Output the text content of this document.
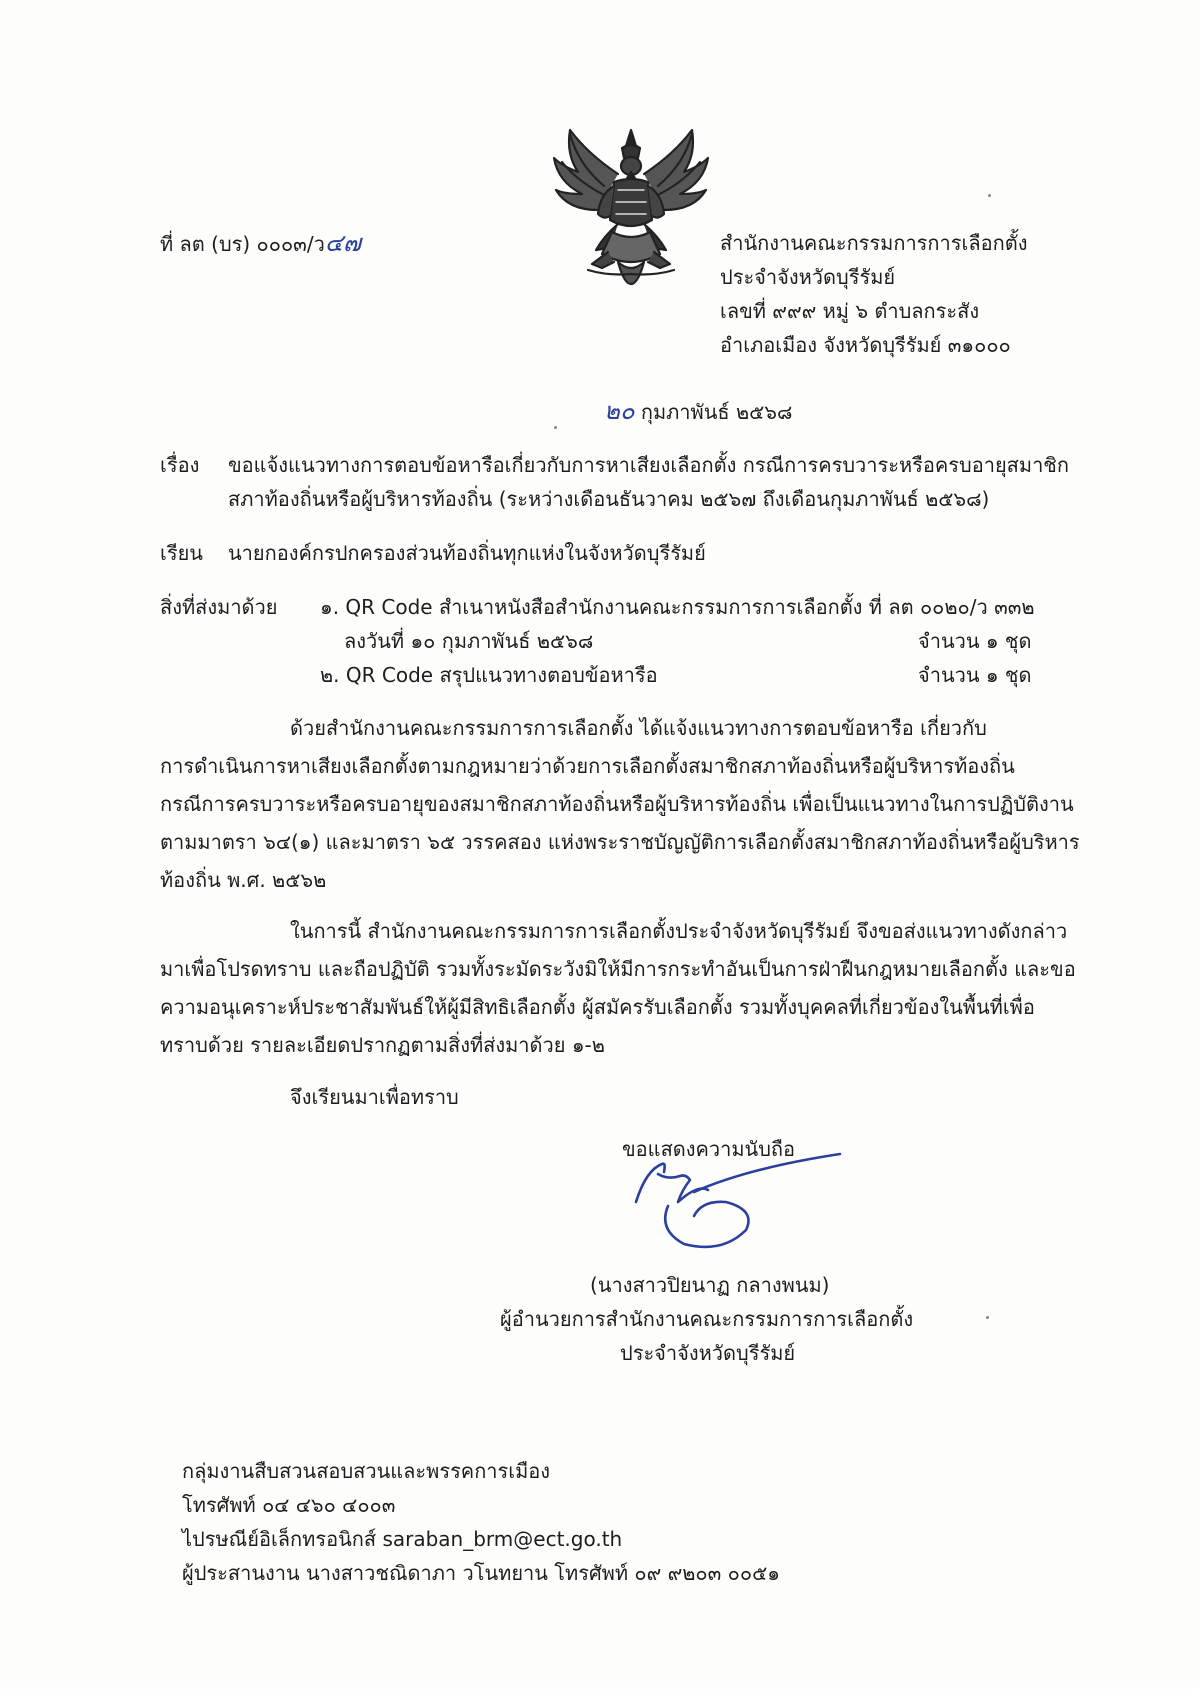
ที่ ลต (บร) ๐๐๐๓/ว๔๗	สำนักงานคณะกรรมการการเลือกตั้ง
ประจำจังหวัดบุรีรัมย์
เลขที่ ๙๙๙ หมู่ ๖ ตำบลกระสัง
อำเภอเมือง จังหวัดบุรีรัมย์ ๓๑๐๐๐
๒๐ กุมภาพันธ์ ๒๕๖๘
เรื่อง ขอแจ้งแนวทางการตอบข้อหารือเกี่ยวกับการหาเสียงเลือกตั้ง กรณีการครบวาระหรือครบอายุสมาชิก
สภาท้องถิ่นหรือผู้บริหารท้องถิ่น (ระหว่างเดือนธันวาคม ๒๕๖๗ ถึงเดือนกุมภาพันธ์ ๒๕๖๘)
เรียน นายกองค์กรปกครองส่วนท้องถิ่นทุกแห่งในจังหวัดบุรีรัมย์
สิ่งที่ส่งมาด้วย ๑. QR Code สำเนาหนังสือสำนักงานคณะกรรมการการเลือกตั้ง ที่ ลต ๐๐๒๐/ว ๓๓๒
ลงวันที่ ๑๐ กุมภาพันธ์ ๒๕๖๘	จำนวน ๑ ชุด
๒. QR Code สรุปแนวทางตอบข้อหารือ	จำนวน ๑ ชุด
ด้วยสำนักงานคณะกรรมการการเลือกตั้ง ได้แจ้งแนวทางการตอบข้อหารือ เกี่ยวกับ
การดำเนินการหาเสียงเลือกตั้งตามกฎหมายว่าด้วยการเลือกตั้งสมาชิกสภาท้องถิ่นหรือผู้บริหารท้องถิ่น
กรณีการครบวาระหรือครบอายุของสมาชิกสภาท้องถิ่นหรือผู้บริหารท้องถิ่น เพื่อเป็นแนวทางในการปฏิบัติงาน
ตามมาตรา ๖๔(๑) และมาตรา ๖๕ วรรคสอง แห่งพระราชบัญญัติการเลือกตั้งสมาชิกสภาท้องถิ่นหรือผู้บริหาร
ท้องถิ่น พ.ศ. ๒๕๖๒
ในการนี้ สำนักงานคณะกรรมการการเลือกตั้งประจำจังหวัดบุรีรัมย์ จึงขอส่งแนวทางดังกล่าว
มาเพื่อโปรดทราบ และถือปฏิบัติ รวมทั้งระมัดระวังมิให้มีการกระทำอันเป็นการฝ่าฝืนกฎหมายเลือกตั้ง และขอ
ความอนุเคราะห์ประชาสัมพันธ์ให้ผู้มีสิทธิเลือกตั้ง ผู้สมัครรับเลือกตั้ง รวมทั้งบุคคลที่เกี่ยวข้องในพื้นที่เพื่อ
ทราบด้วย รายละเอียดปรากฏตามสิ่งที่ส่งมาด้วย ๑-๒
จึงเรียนมาเพื่อทราบ
ขอแสดงความนับถือ
(นางสาวปิยนาฏ กลางพนม)
ผู้อำนวยการสำนักงานคณะกรรมการการเลือกตั้ง
ประจำจังหวัดบุรีรัมย์
กลุ่มงานสืบสวนสอบสวนและพรรคการเมือง
โทรศัพท์ ๐๔ ๔๖๐ ๔๐๐๓
ไปรษณีย์อิเล็กทรอนิกส์ saraban_brm@ect.go.th
ผู้ประสานงาน นางสาวชณิดาภา วโนทยาน โทรศัพท์ ๐๙ ๙๒๐๓ ๐๐๕๑
